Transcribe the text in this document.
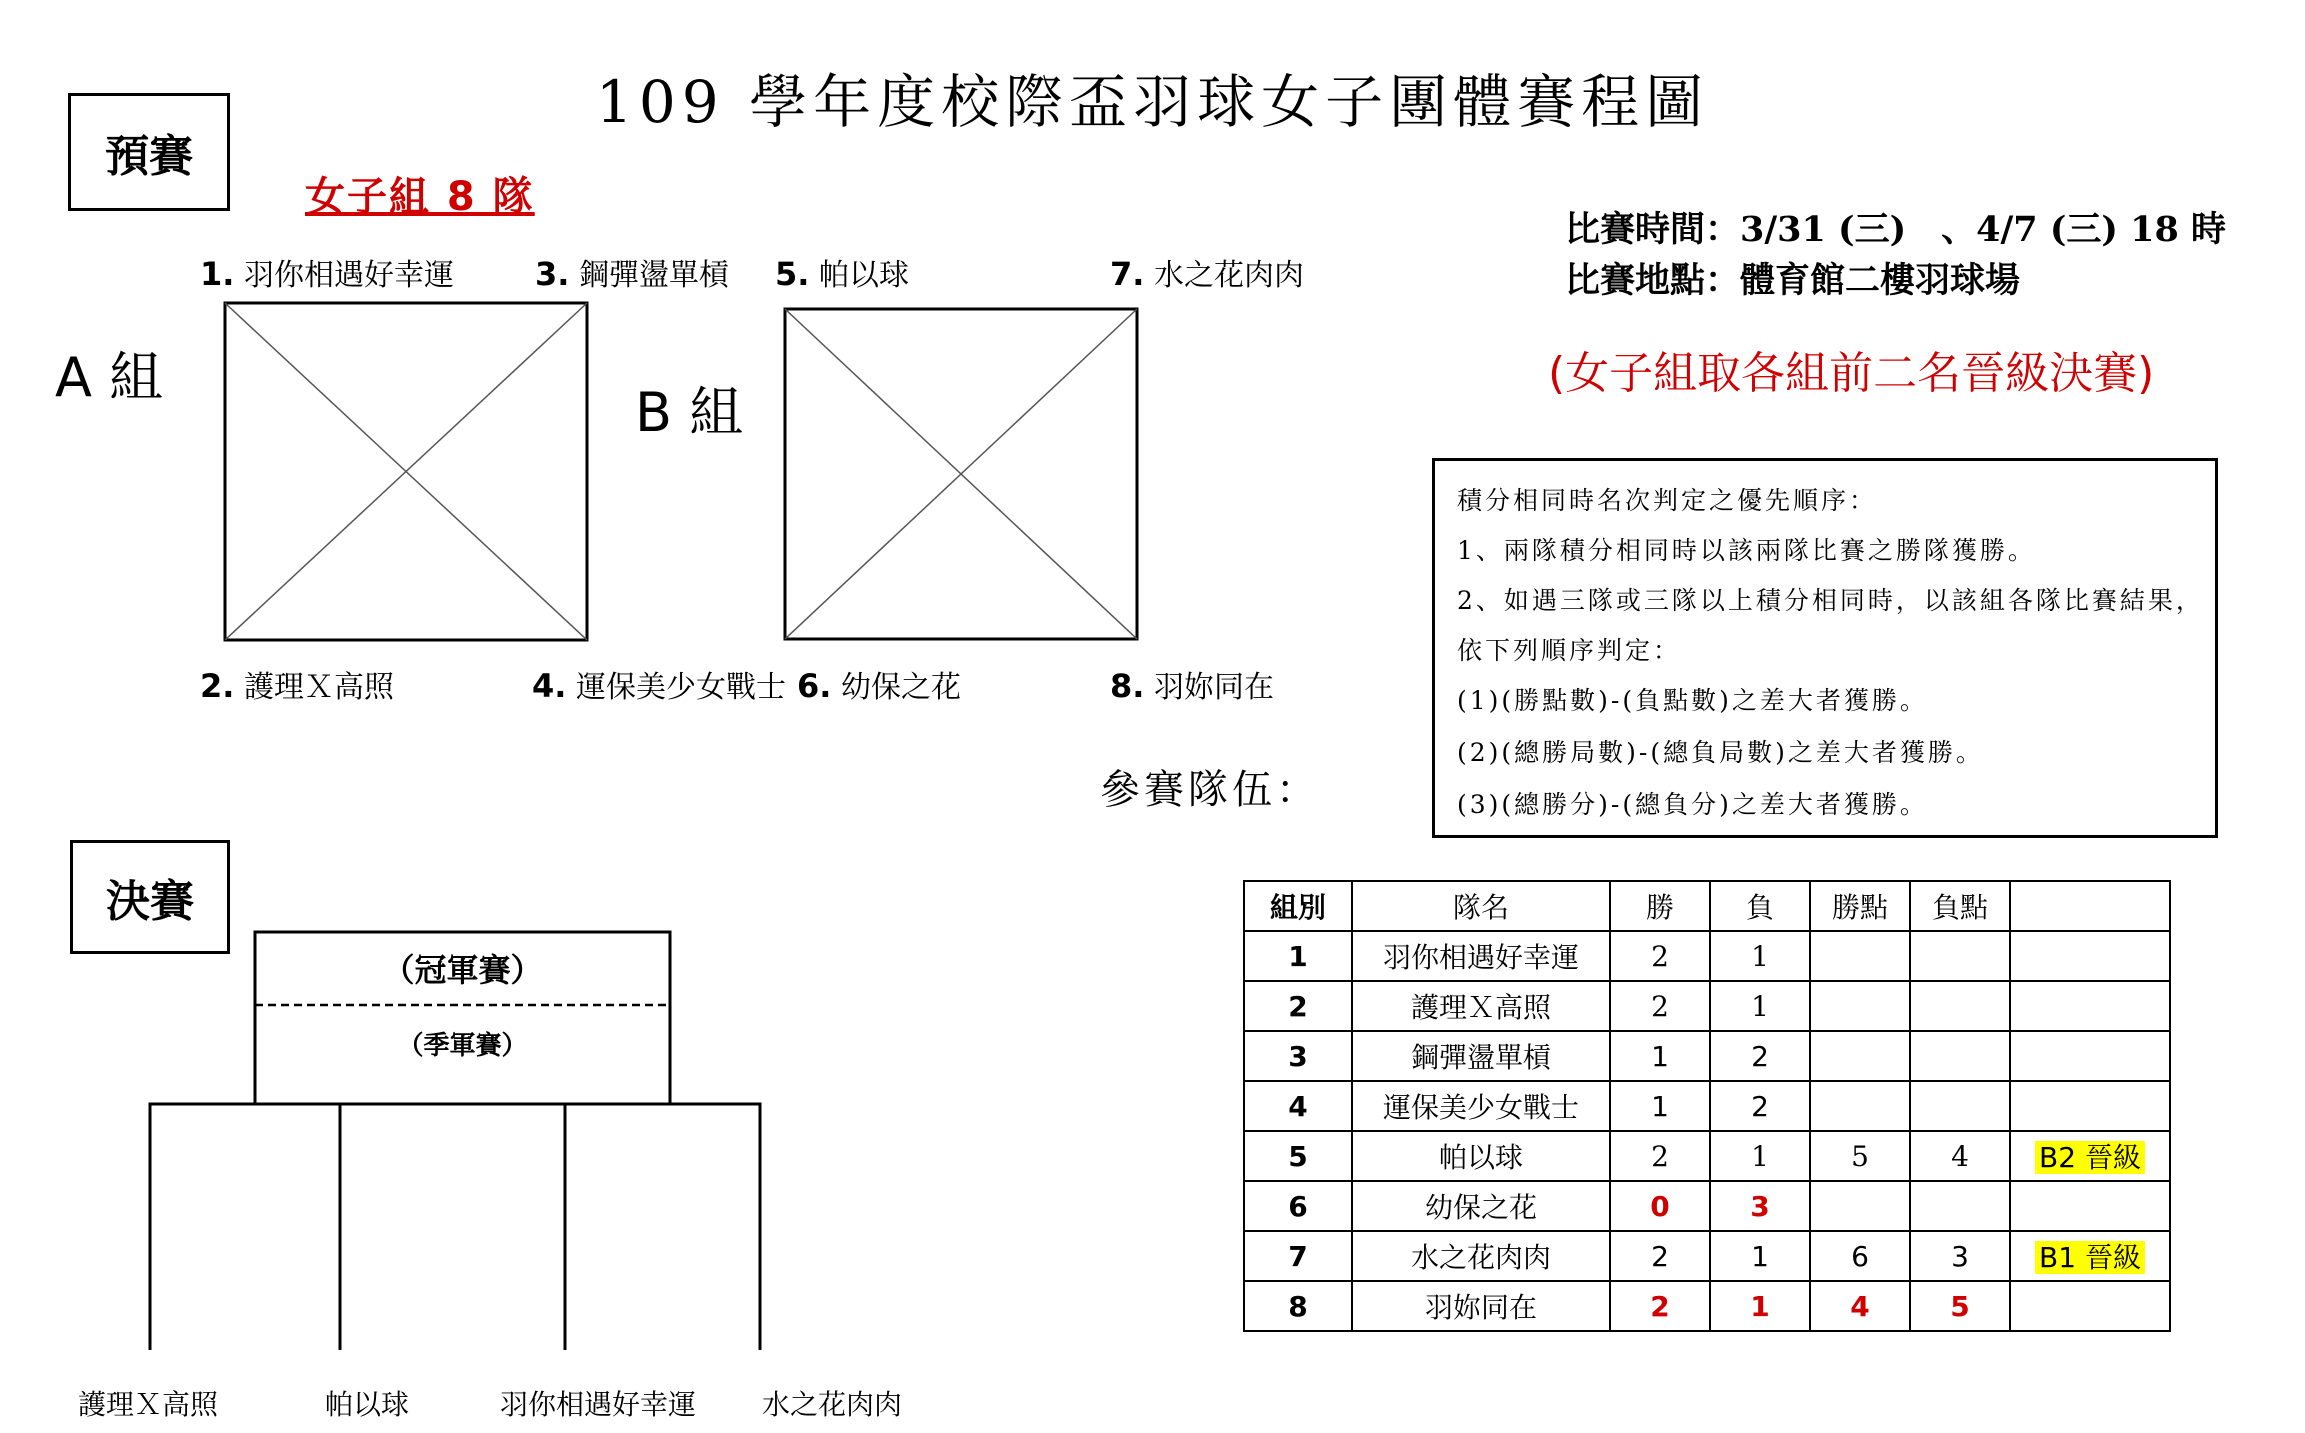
109 學年度校際盃羽球女子團體賽程圖
預賽
女子組 8 隊
1. 羽你相遇好幸運	3. 鋼彈盪單槓
2. 護理Ｘ高照	4. 運保美少女戰士
5. 帕以球	7. 水之花肉肉
6. 幼保之花	8. 羽妳同在
A 組
B 組
比賽時間：3/31 (三)　、4/7 (三) 18 時
比賽地點：體育館二樓羽球場
(女子組取各組前二名晉級決賽)
積分相同時名次判定之優先順序：
1、兩隊積分相同時以該兩隊比賽之勝隊獲勝。
2、如遇三隊或三隊以上積分相同時，以該組各隊比賽結果，
依下列順序判定：
(1)(勝點數)-(負點數)之差大者獲勝。
(2)(總勝局數)-(總負局數)之差大者獲勝。
(3)(總勝分)-(總負分)之差大者獲勝。
參賽隊伍：
組別	隊名	勝	負	勝點	負點	
1	羽你相遇好幸運	2	1			
2	護理Ｘ高照	2	1			
3	鋼彈盪單槓	1	2			
4	運保美少女戰士	1	2			
5	帕以球	2	1	5	4	B2 晉級
6	幼保之花	0	3			
7	水之花肉肉	2	1	6	3	B1 晉級
8	羽妳同在	2	1	4	5	
決賽
（冠軍賽）
（季軍賽）
護理Ｘ高照	帕以球	羽你相遇好幸運 水之花肉肉
